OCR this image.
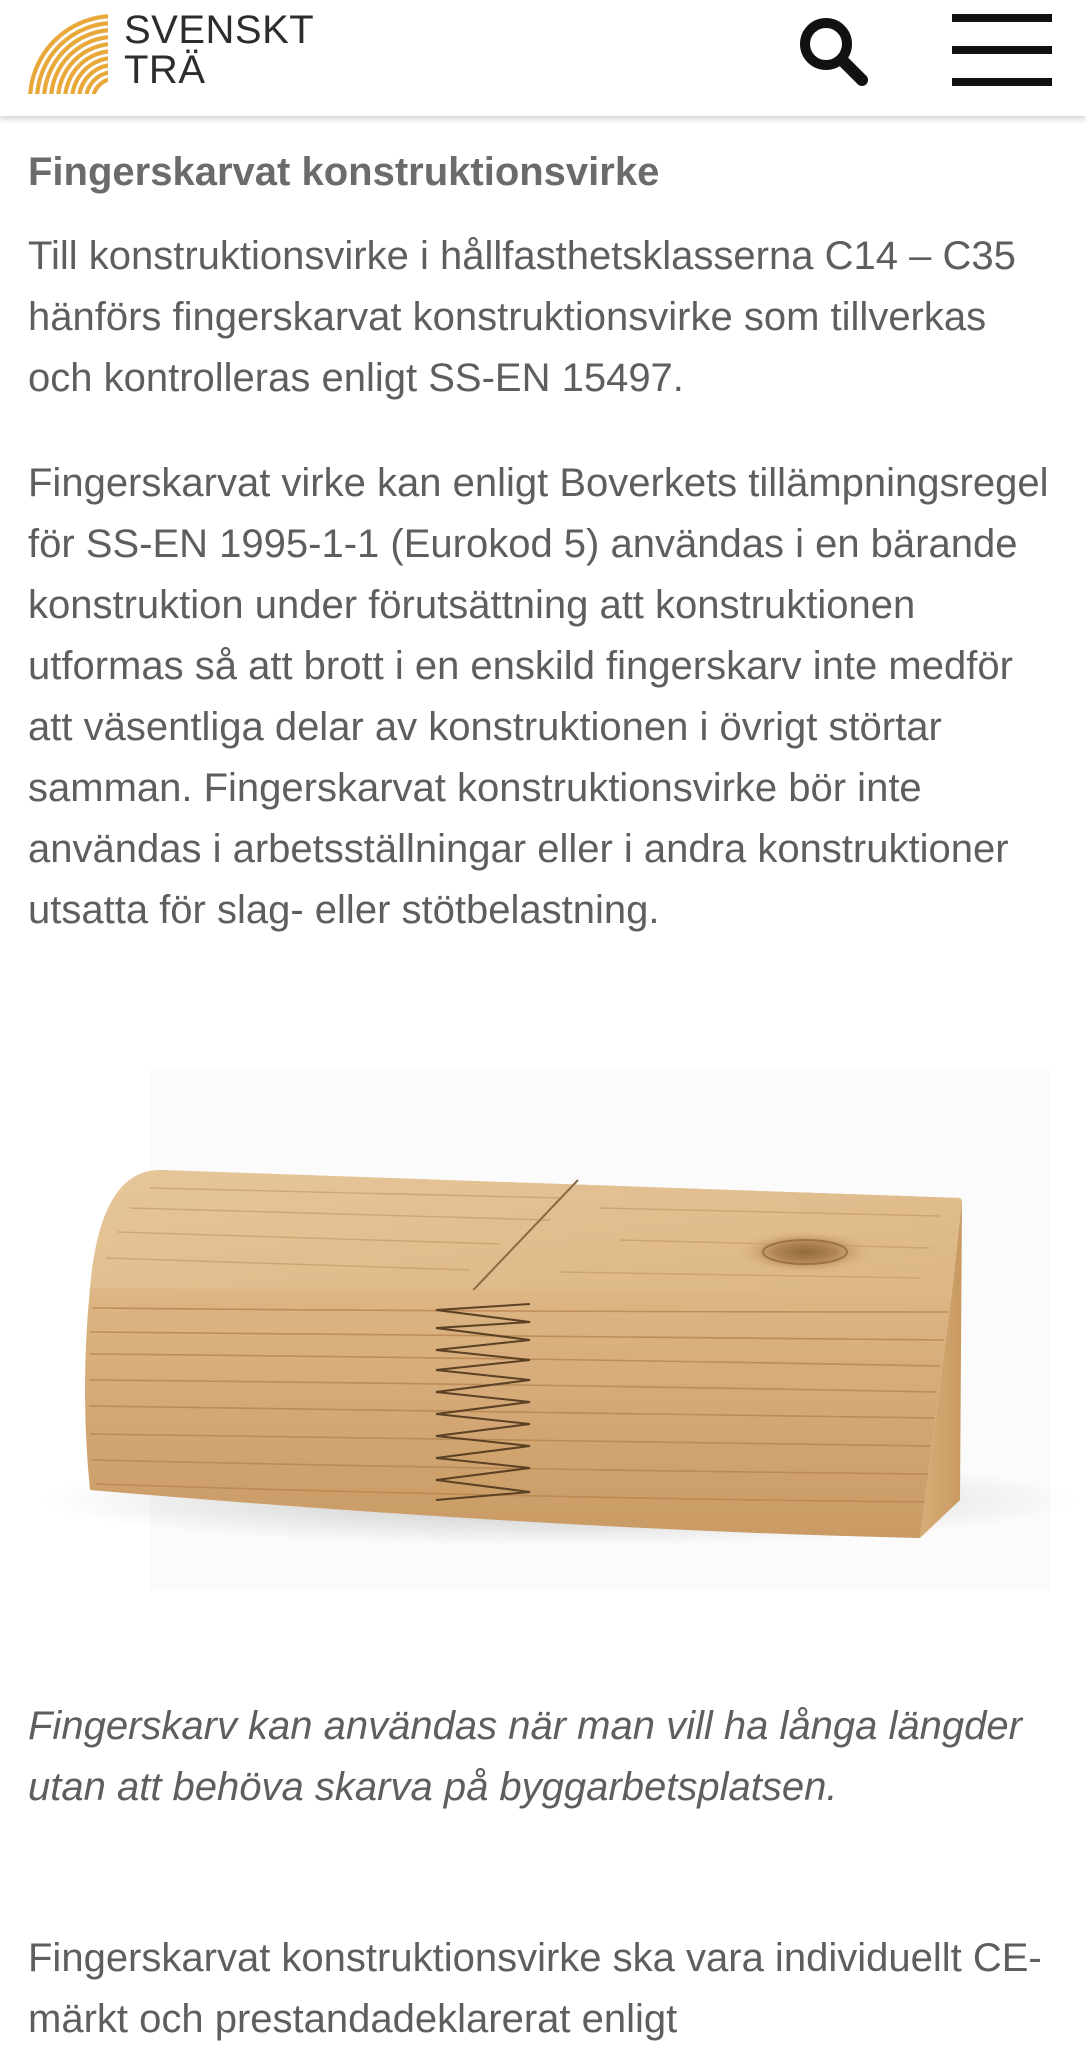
SVENSKT
TRÄ
Fingerskarvat konstruktionsvirke

Till konstruktionsvirke i hållfasthetsklasserna C14 – C35 hänförs fingerskarvat konstruktionsvirke som tillverkas och kontrolleras enligt SS-EN 15497.

Fingerskarvat virke kan enligt Boverkets tillämpningsregel för SS-EN 1995-1-1 (Eurokod 5) användas i en bärande konstruktion under förutsättning att konstruktionen utformas så att brott i en enskild fingerskarv inte medför att väsentliga delar av konstruktionen i övrigt störtar samman. Fingerskarvat konstruktionsvirke bör inte användas i arbetsställningar eller i andra konstruktioner utsatta för slag- eller stötbelastning.

Fingerskarv kan användas när man vill ha långa längder utan att behöva skarva på byggarbetsplatsen.

Fingerskarvat konstruktionsvirke ska vara individuellt CE-märkt och prestandadeklarerat enligt
